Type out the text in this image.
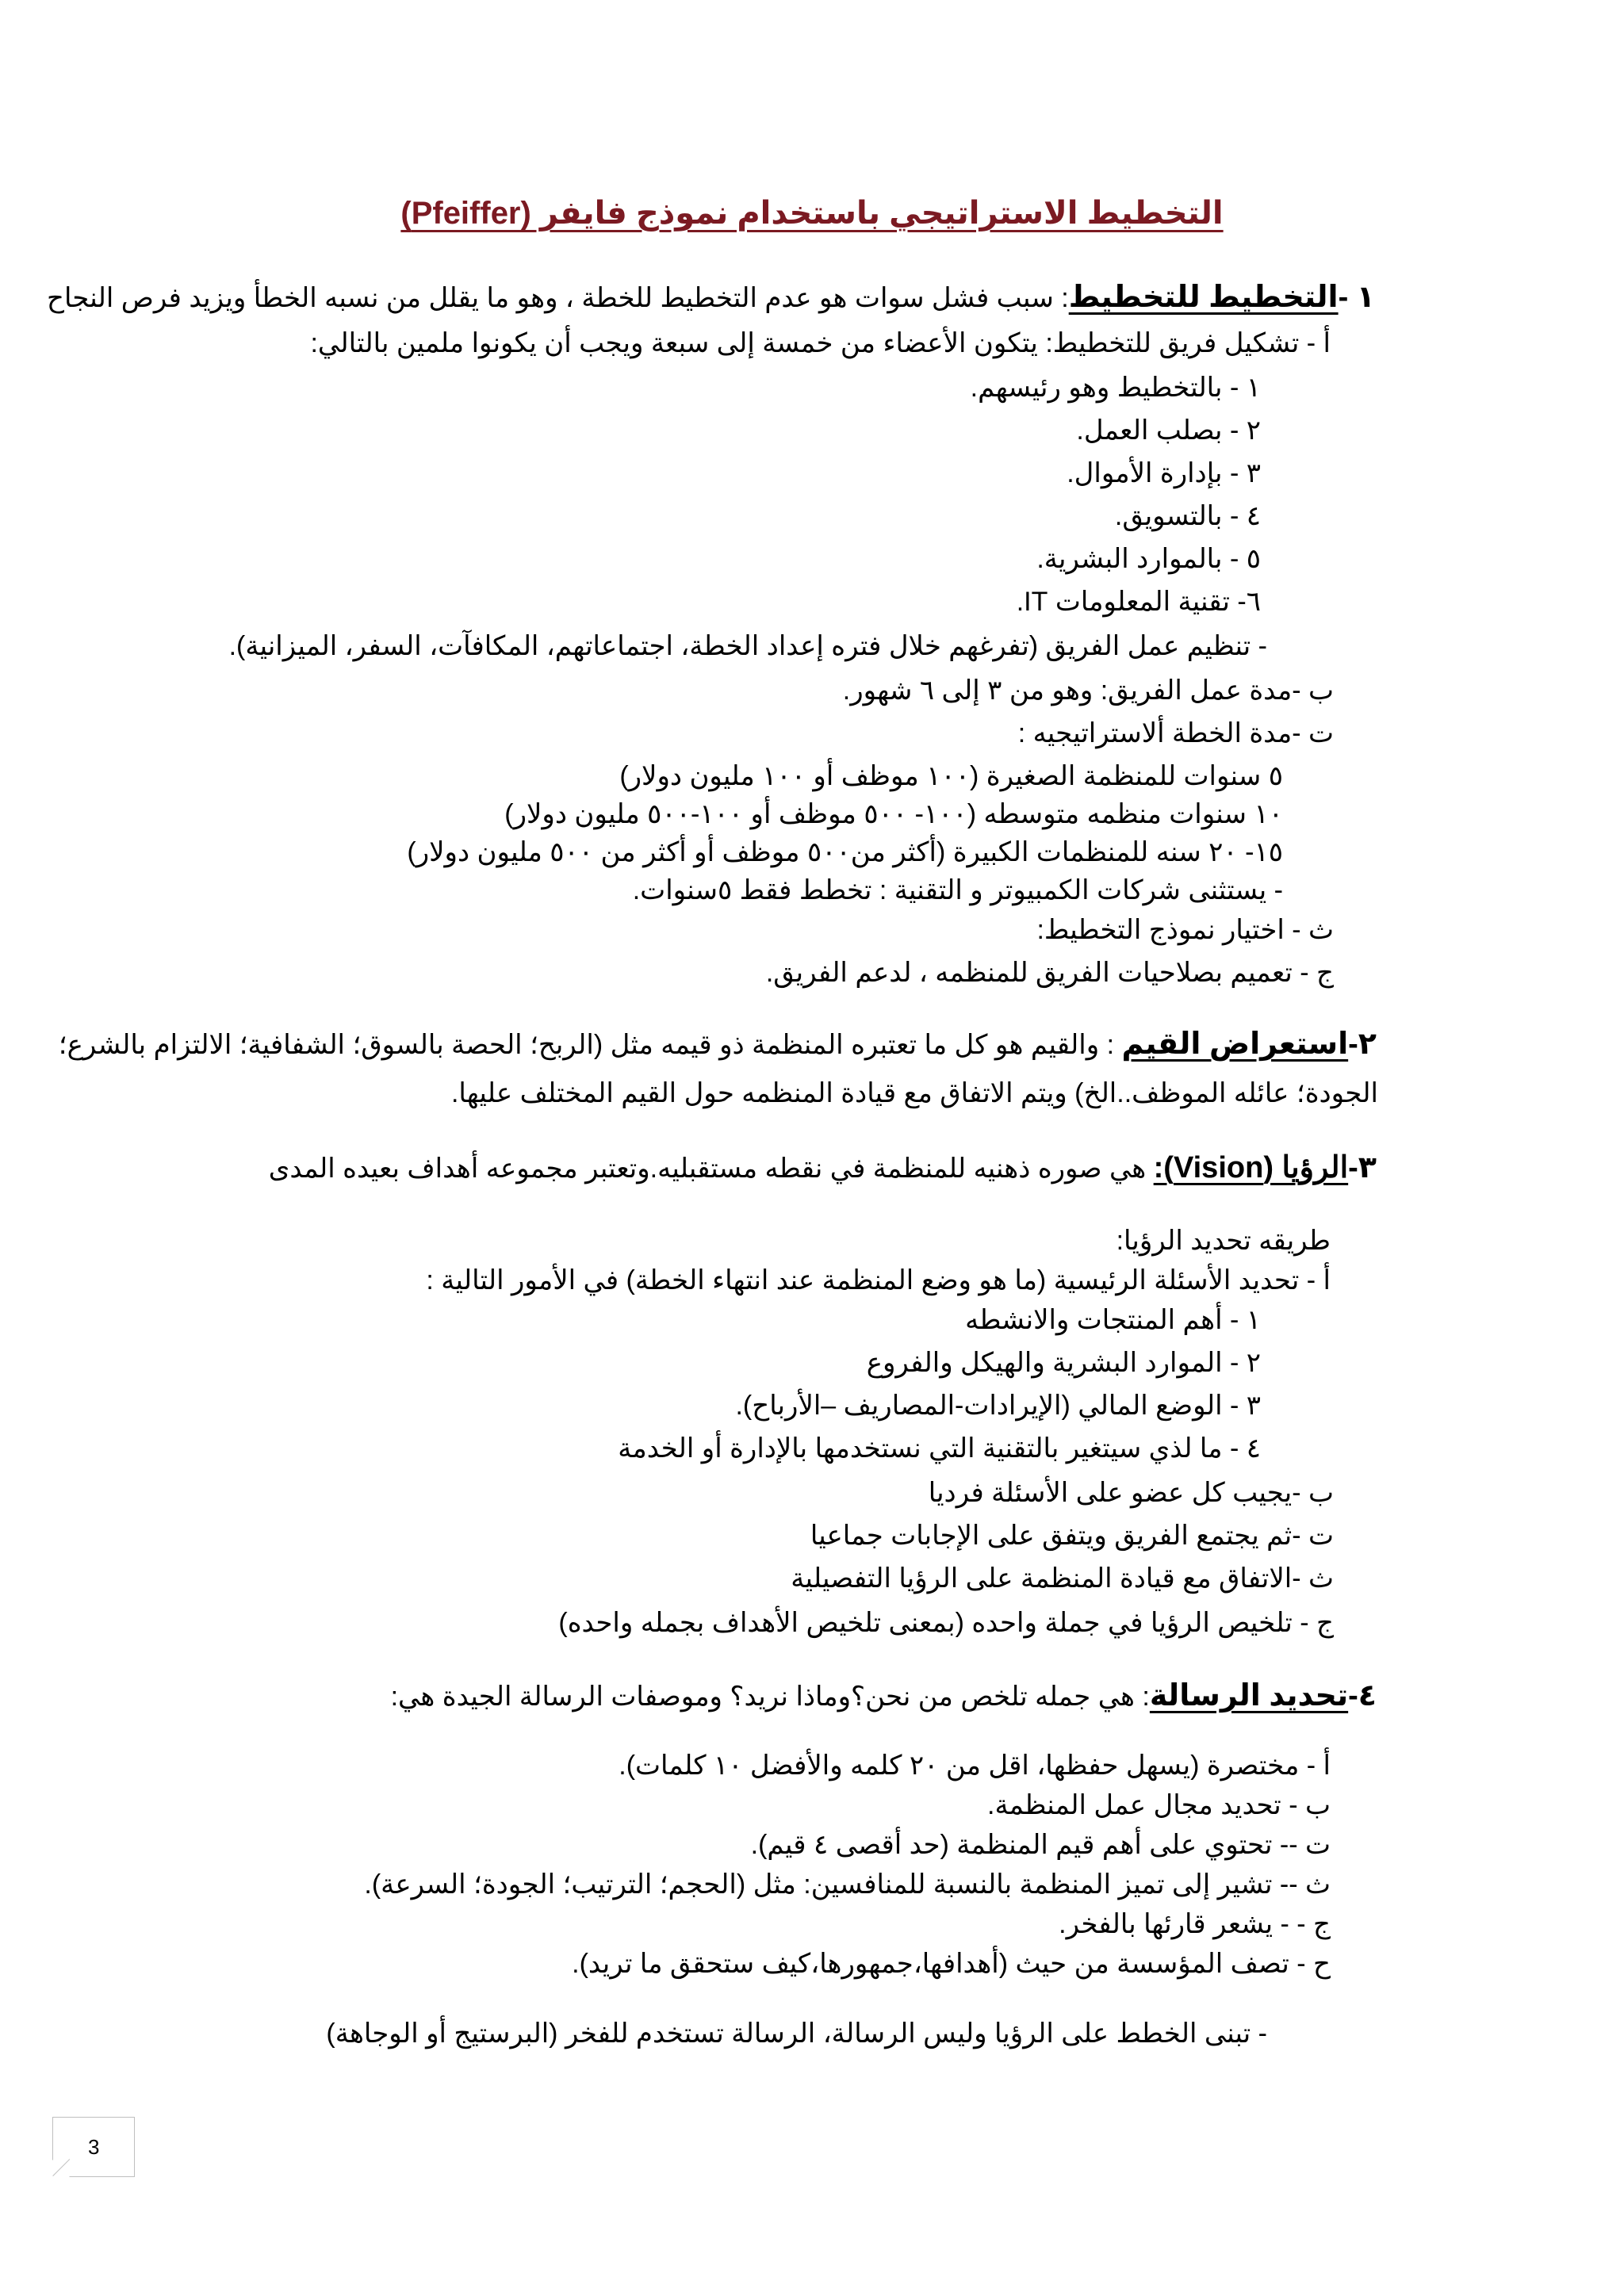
التخطيط الاستراتيجي باستخدام نموذج فايفر (Pfeiffer)
١ -التخطيط للتخطيط: سبب فشل سوات هو عدم التخطيط للخطة ، وهو ما يقلل من نسبه الخطأ ويزيد فرص النجاح
أ - تشكيل فريق للتخطيط: يتكون الأعضاء من خمسة إلى سبعة ويجب أن يكونوا ملمين بالتالي:
١ - بالتخطيط وهو رئيسهم.
٢ - بصلب العمل.
٣ - بإدارة الأموال.
٤ - بالتسويق.
٥ - بالموارد البشرية.
٦- تقنية المعلومات IT.
- تنظيم عمل الفريق (تفرغهم خلال فتره إعداد الخطة، اجتماعاتهم، المكافآت، السفر، الميزانية).
ب -مدة عمل الفريق: وهو من ٣ إلى ٦ شهور.
ت -مدة الخطة ألاستراتيجيه :
٥ سنوات للمنظمة الصغيرة (١٠٠ موظف أو ١٠٠ مليون دولار)
١٠ سنوات منظمه متوسطه (١٠٠- ٥٠٠ موظف أو ١٠٠-٥٠٠ مليون دولار)
١٥- ٢٠ سنه للمنظمات الكبيرة (أكثر من٥٠٠ موظف أو أكثر من ٥٠٠ مليون دولار)
- يستثنى شركات الكمبيوتر و التقنية : تخطط فقط ٥سنوات.
ث - اختيار نموذج التخطيط:
ج - تعميم بصلاحيات الفريق للمنظمه ، لدعم الفريق.
٢-استعراض القيم : والقيم هو كل ما تعتبره المنظمة ذو قيمه مثل (الربح؛ الحصة بالسوق؛ الشفافية؛ الالتزام بالشرع؛
الجودة؛ عائله الموظف..الخ) ويتم الاتفاق مع قيادة المنظمه حول القيم المختلف عليها.
٣-الرؤيا (Vision): هي صوره ذهنيه للمنظمة في نقطه مستقبليه.وتعتبر مجموعه أهداف بعيده المدى
طريقه تحديد الرؤيا:
أ - تحديد الأسئلة الرئيسية (ما هو وضع المنظمة عند انتهاء الخطة) في الأمور التالية :
١ - أهم المنتجات والانشطه
٢ - الموارد البشرية والهيكل والفروع
٣ - الوضع المالي (الإيرادات-المصاريف –الأرباح).
٤ - ما لذي سيتغير بالتقنية التي نستخدمها بالإدارة أو الخدمة
ب -يجيب كل عضو على الأسئلة فرديا
ت -ثم يجتمع الفريق ويتفق على الإجابات جماعيا
ث -الاتفاق مع قيادة المنظمة على الرؤيا التفصيلية
ج - تلخيص الرؤيا في جملة واحده (بمعنى تلخيص الأهداف بجمله واحده)
٤-تحديد الرسالة: هي جمله تلخص من نحن؟وماذا نريد؟ وموصفات الرسالة الجيدة هي:
أ - مختصرة (يسهل حفظها، اقل من ٢٠ كلمه والأفضل ١٠ كلمات).
ب - تحديد مجال عمل المنظمة.
ت -- تحتوي على أهم قيم المنظمة (حد أقصى ٤ قيم).
ث -- تشير إلى تميز المنظمة بالنسبة للمنافسين: مثل (الحجم؛ الترتيب؛ الجودة؛ السرعة).
ج - - يشعر قارئها بالفخر.
ح - تصف المؤسسة من حيث (أهدافها،جمهورها،كيف ستحقق ما تريد).
- تبنى الخطط على الرؤيا وليس الرسالة، الرسالة تستخدم للفخر (البرستيج أو الوجاهة)
3
